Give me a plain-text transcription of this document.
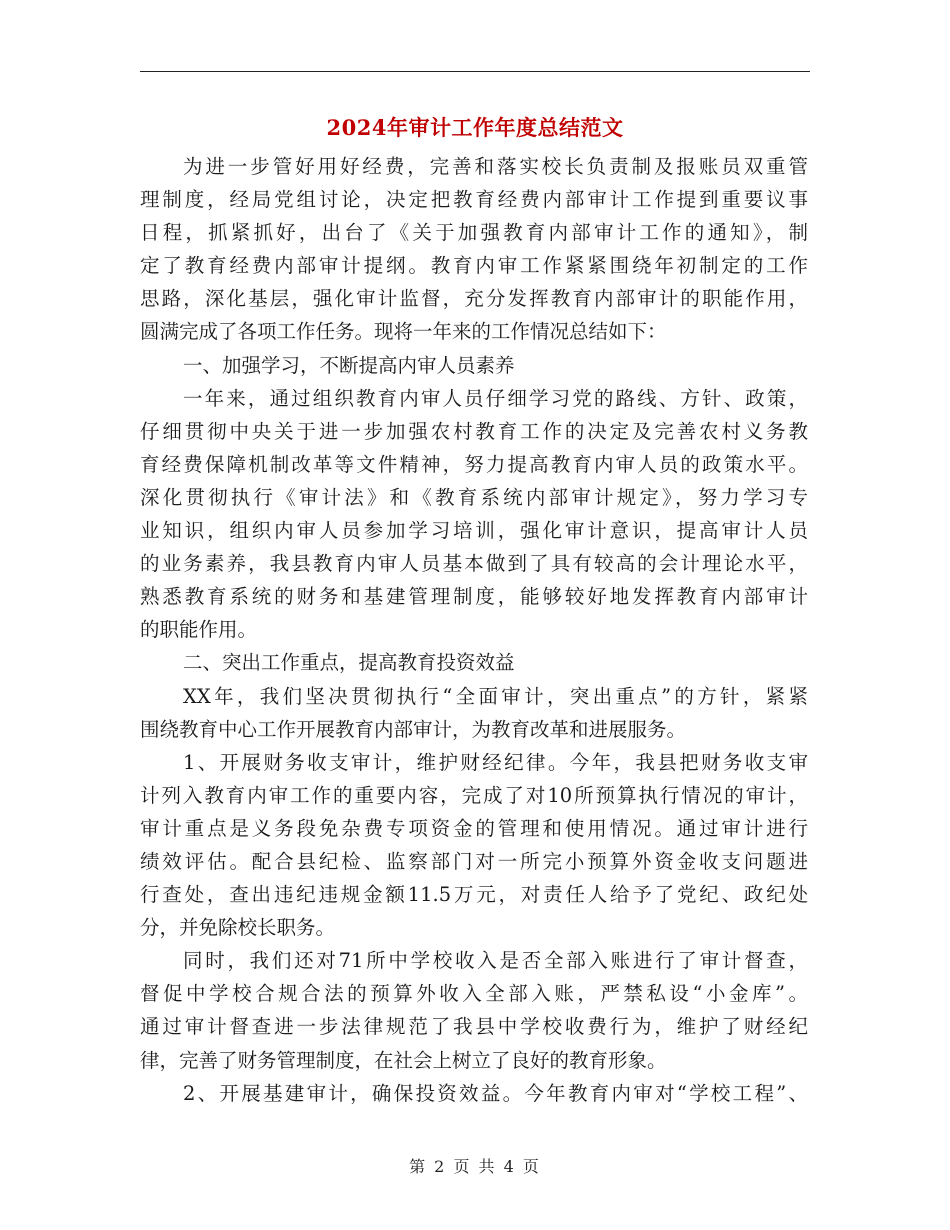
2024年审计工作年度总结范文
为进一步管好用好经费，完善和落实校长负责制及报账员双重管
理制度，经局党组讨论，决定把教育经费内部审计工作提到重要议事
日程，抓紧抓好，出台了《关于加强教育内部审计工作的通知》，制
定了教育经费内部审计提纲。教育内审工作紧紧围绕年初制定的工作
思路，深化基层，强化审计监督，充分发挥教育内部审计的职能作用，
圆满完成了各项工作任务。现将一年来的工作情况总结如下：
一、加强学习，不断提高内审人员素养
一年来，通过组织教育内审人员仔细学习党的路线、方针、政策，
仔细贯彻中央关于进一步加强农村教育工作的决定及完善农村义务教
育经费保障机制改革等文件精神，努力提高教育内审人员的政策水平。
深化贯彻执行《审计法》和《教育系统内部审计规定》，努力学习专
业知识，组织内审人员参加学习培训，强化审计意识，提高审计人员
的业务素养，我县教育内审人员基本做到了具有较高的会计理论水平，
熟悉教育系统的财务和基建管理制度，能够较好地发挥教育内部审计
的职能作用。
二、突出工作重点，提高教育投资效益
XX年，我们坚决贯彻执行“全面审计，突出重点”的方针，紧紧
围绕教育中心工作开展教育内部审计，为教育改革和进展服务。
1、开展财务收支审计，维护财经纪律。今年，我县把财务收支审
计列入教育内审工作的重要内容，完成了对10所预算执行情况的审计，
审计重点是义务段免杂费专项资金的管理和使用情况。通过审计进行
绩效评估。配合县纪检、监察部门对一所完小预算外资金收支问题进
行查处，查出违纪违规金额11.5万元，对责任人给予了党纪、政纪处
分，并免除校长职务。
同时，我们还对71所中学校收入是否全部入账进行了审计督查，
督促中学校合规合法的预算外收入全部入账，严禁私设“小金库”。
通过审计督查进一步法律规范了我县中学校收费行为，维护了财经纪
律，完善了财务管理制度，在社会上树立了良好的教育形象。
2、开展基建审计，确保投资效益。今年教育内审对“学校工程”、

第 2 页 共 4 页
